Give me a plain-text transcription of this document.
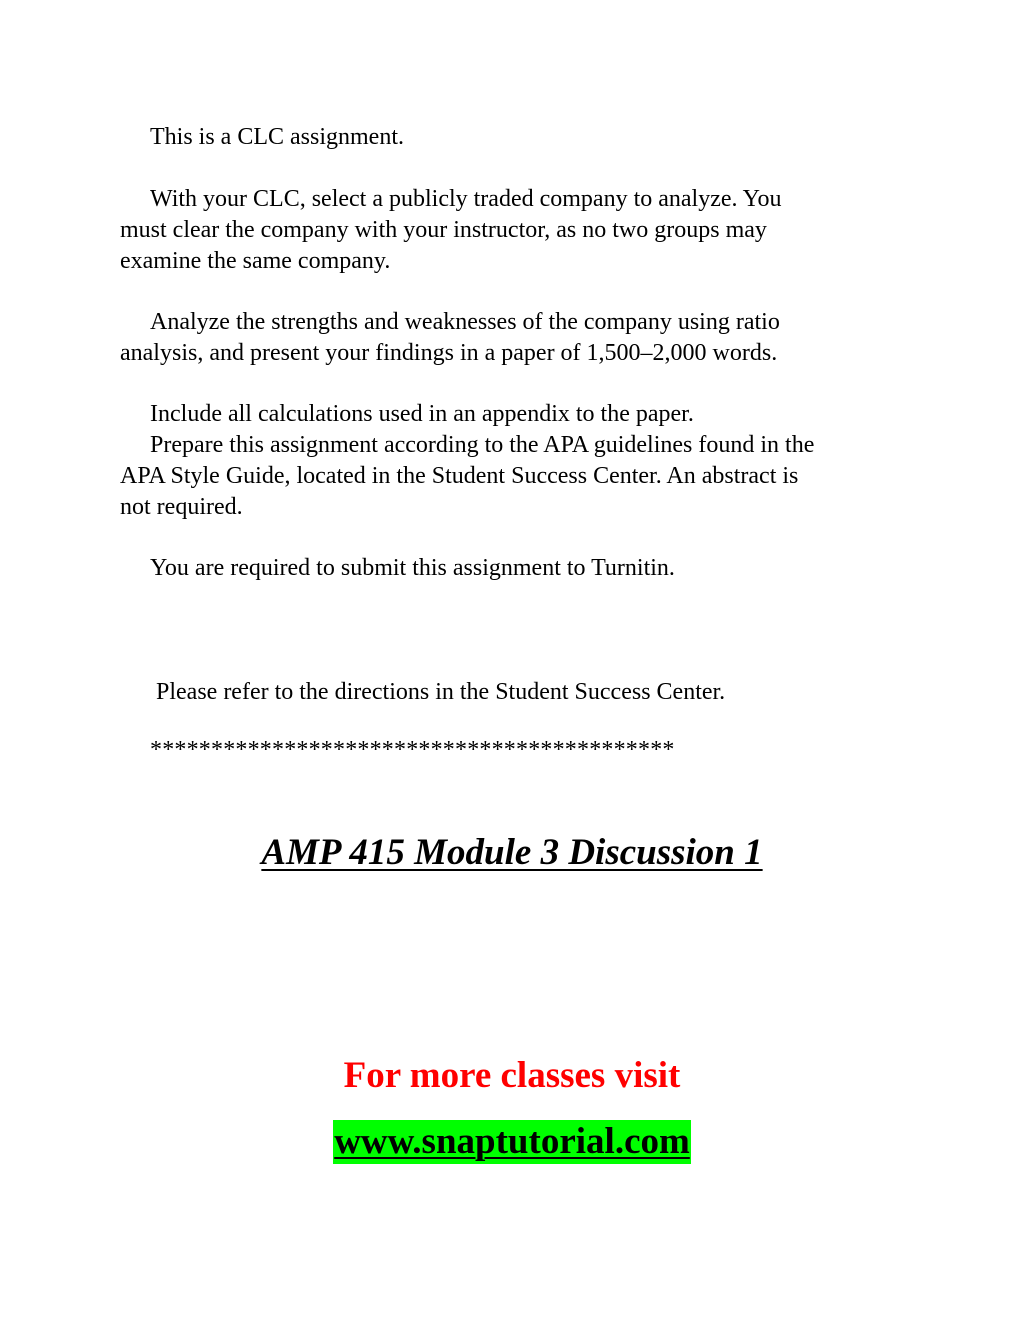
This is a CLC assignment.

With your CLC, select a publicly traded company to analyze. You
must clear the company with your instructor, as no two groups may
examine the same company.

Analyze the strengths and weaknesses of the company using ratio
analysis, and present your findings in a paper of 1,500–2,000 words.

Include all calculations used in an appendix to the paper.

Prepare this assignment according to the APA guidelines found in the
APA Style Guide, located in the Student Success Center. An abstract is
not required.

You are required to submit this assignment to Turnitin.

Please refer to the directions in the Student Success Center.

*******************************************
AMP 415 Module 3 Discussion 1
For more classes visit
www.snaptutorial.com
